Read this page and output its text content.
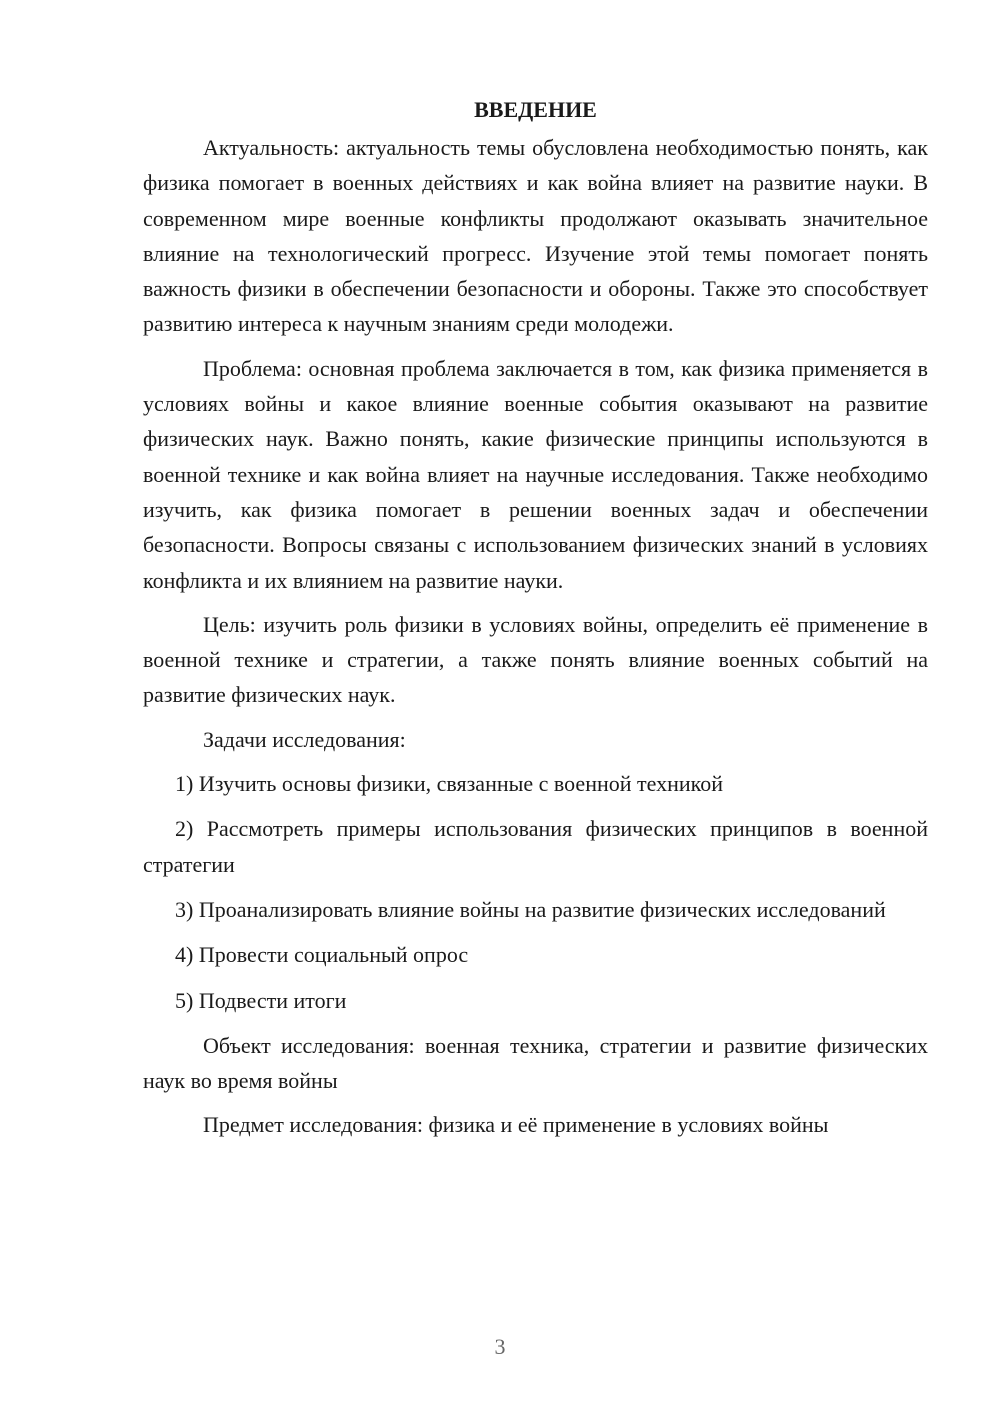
ВВЕДЕНИЕ

Актуальность: актуальность темы обусловлена необходимостью понять, как физика помогает в военных действиях и как война влияет на развитие науки. В современном мире военные конфликты продолжают оказывать значительное влияние на технологический прогресс. Изучение этой темы помогает понять важность физики в обеспечении безопасности и обороны. Также это способствует развитию интереса к научным знаниям среди молодежи.

Проблема: основная проблема заключается в том, как физика применяется в условиях войны и какое влияние военные события оказывают на развитие физических наук. Важно понять, какие физические принципы используются в военной технике и как война влияет на научные исследования. Также необходимо изучить, как физика помогает в решении военных задач и обеспечении безопасности. Вопросы связаны с использованием физических знаний в условиях конфликта и их влиянием на развитие науки.

Цель: изучить роль физики в условиях войны, определить её применение в военной технике и стратегии, а также понять влияние военных событий на развитие физических наук.

Задачи исследования:

1) Изучить основы физики, связанные с военной техникой

2) Рассмотреть примеры использования физических принципов в военной стратегии

3) Проанализировать влияние войны на развитие физических исследований

4) Провести социальный опрос

5) Подвести итоги

Объект исследования: военная техника, стратегии и развитие физических наук во время войны

Предмет исследования: физика и её применение в условиях войны

3
